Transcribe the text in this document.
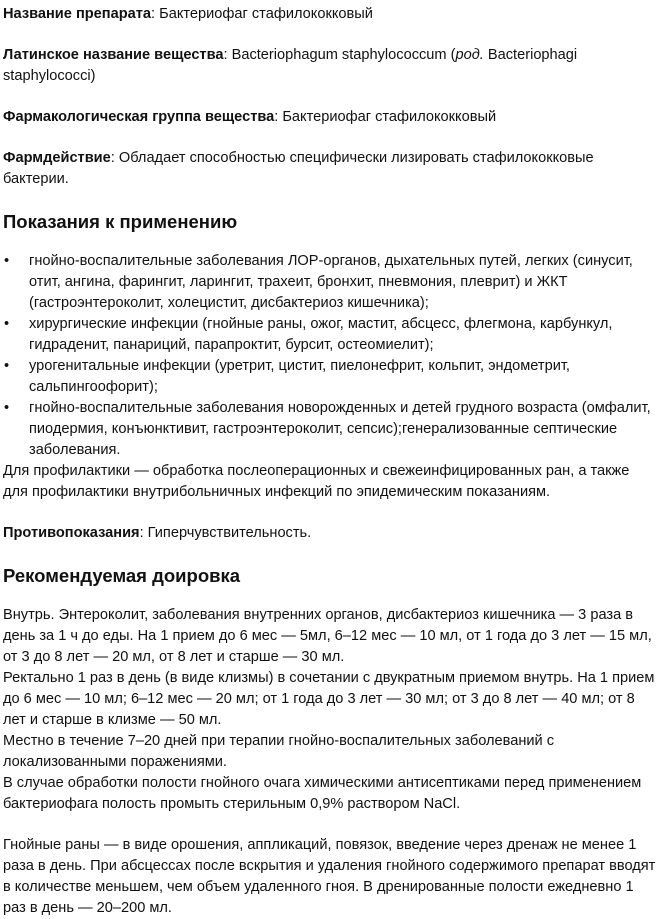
Название препарата: Бактериофаг стафилококковый
Латинское название вещества: Bacteriophagum staphylococcum (род. Bacteriophagi staphylococci)
Фармакологическая группа вещества: Бактериофаг стафилококковый
Фармдействие: Обладает способностью специфически лизировать стафилококковые бактерии.
Показания к применению
• гнойно-воспалительные заболевания ЛОР-органов, дыхательных путей, легких (синусит, отит, ангина, фарингит, ларингит, трахеит, бронхит, пневмония, плеврит) и ЖКТ (гастроэнтероколит, холецистит, дисбактериоз кишечника);
• хирургические инфекции (гнойные раны, ожог, мастит, абсцесс, флегмона, карбункул, гидраденит, панариций, парапроктит, бурсит, остеомиелит);
• урогенитальные инфекции (уретрит, цистит, пиелонефрит, кольпит, эндометрит, сальпингоофорит);
• гнойно-воспалительные заболевания новорожденных и детей грудного возраста (омфалит, пиодермия, конъюнктивит, гастроэнтероколит, сепсис);генерализованные септические заболевания.

Для профилактики — обработка послеоперационных и свежеинфицированных ран, а также для профилактики внутрибольничных инфекций по эпидемическим показаниям.

Противопоказания: Гиперчувствительность.
Рекомендуемая доировка
Внутрь. Энтероколит, заболевания внутренних органов, дисбактериоз кишечника — 3 раза в день за 1 ч до еды. На 1 прием до 6 мес — 5мл, 6–12 мес — 10 мл, от 1 года до 3 лет — 15 мл, от 3 до 8 лет — 20 мл, от 8 лет и старше — 30 мл.
Ректально 1 раз в день (в виде клизмы) в сочетании с двукратным приемом внутрь. На 1 прием до 6 мес — 10 мл; 6–12 мес — 20 мл; от 1 года до 3 лет — 30 мл; от 3 до 8 лет — 40 мл; от 8 лет и старше в клизме — 50 мл.
Местно в течение 7–20 дней при терапии гнойно-воспалительных заболеваний с локализованными поражениями.
В случае обработки полости гнойного очага химическими антисептиками перед применением бактериофага полость промыть стерильным 0,9% раствором NaCl.
Гнойные раны — в виде орошения, аппликаций, повязок, введение через дренаж не менее 1 раза в день. При абсцессах после вскрытия и удаления гнойного содержимого препарат вводят в количестве меньшем, чем объем удаленного гноя. В дренированные полости ежедневно 1 раз в день — 20–200 мл.
